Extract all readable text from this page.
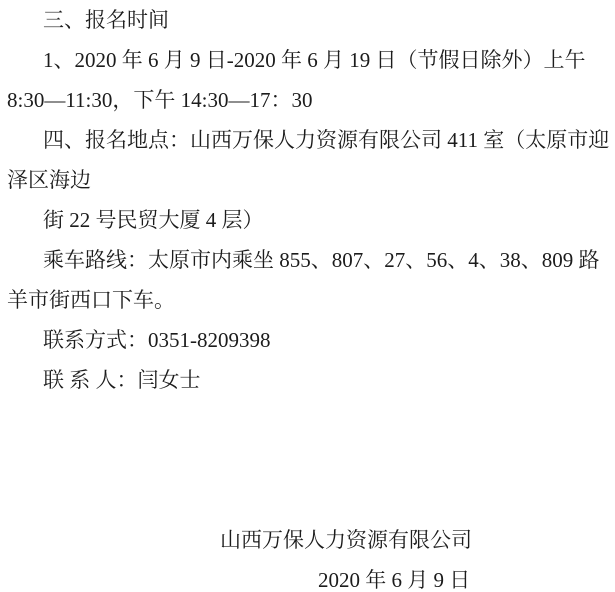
三、报名时间
1、2020 年 6 月 9 日-2020 年 6 月 19 日（节假日除外）上午
8:30—11:30，下午 14:30—17：30
四、报名地点：山西万保人力资源有限公司 411 室（太原市迎
泽区海边
街 22 号民贸大厦 4 层）
乘车路线：太原市内乘坐 855、807、27、56、4、38、809 路
羊市街西口下车。
联系方式：0351-8209398
联 系 人：闫女士
山西万保人力资源有限公司
2020 年 6 月 9 日
